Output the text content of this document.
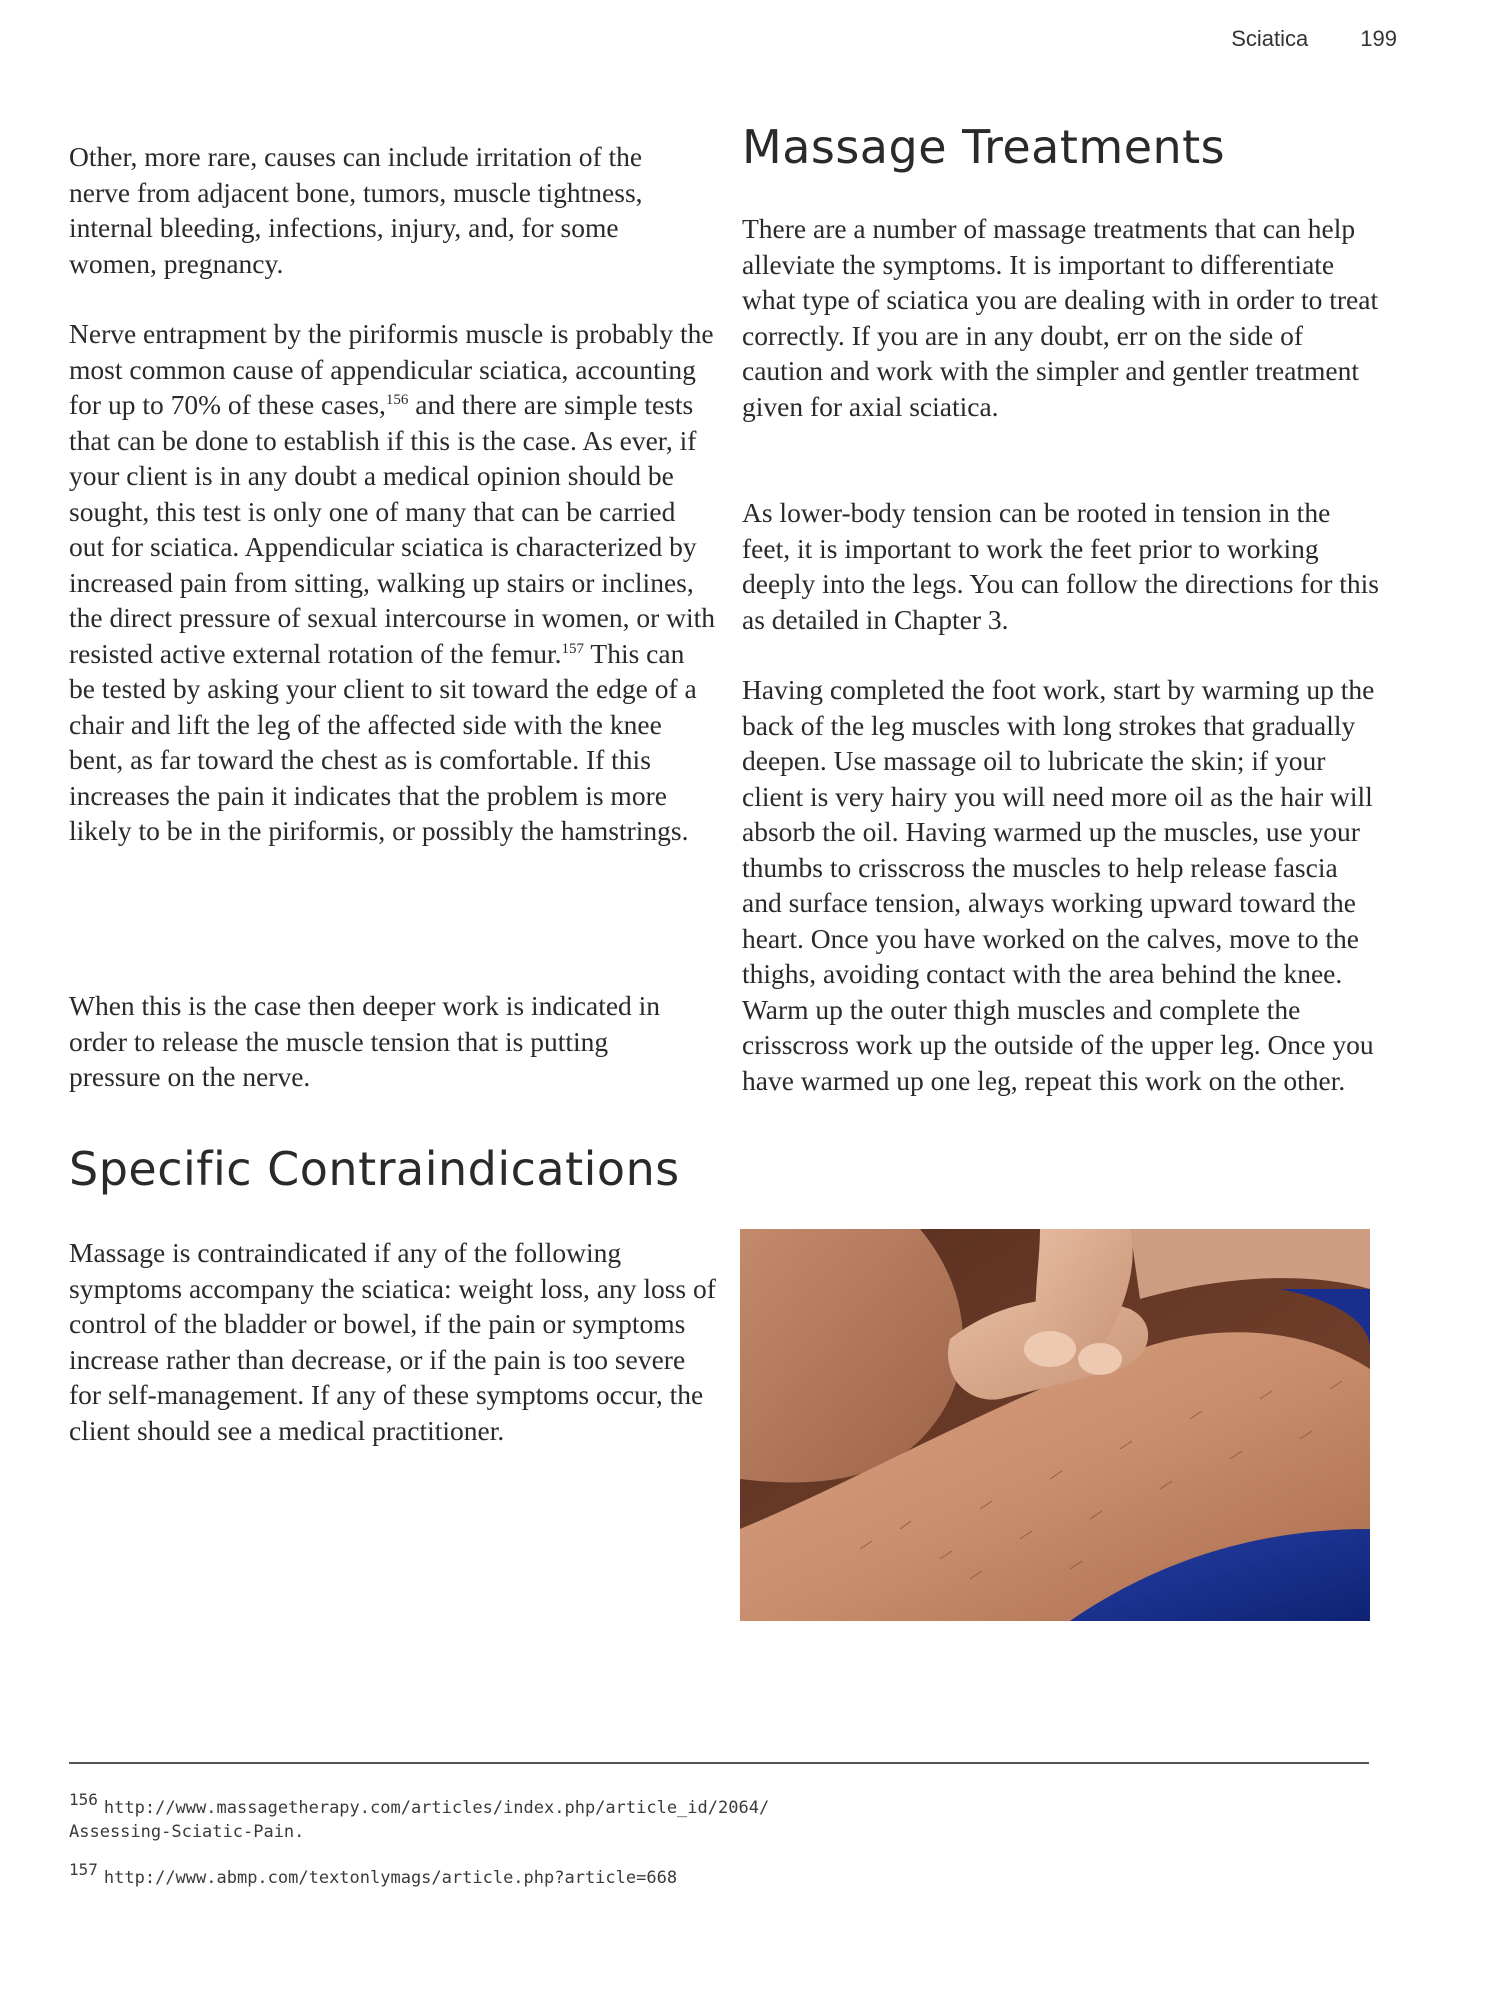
Sciatica 199

Other, more rare, causes can include irritation of the nerve from adjacent bone, tumors, muscle tightness, internal bleeding, infections, injury, and, for some women, pregnancy.

Nerve entrapment by the piriformis muscle is probably the most common cause of appendicular sciatica, accounting for up to 70% of these cases,$^{156}$ and there are simple tests that can be done to establish if this is the case. As ever, if your client is in any doubt a medical opinion should be sought, this test is only one of many that can be carried out for sciatica. Appendicular sciatica is characterized by increased pain from sitting, walking up stairs or inclines, the direct pressure of sexual intercourse in women, or with resisted active external rotation of the femur.$^{157}$ This can be tested by asking your client to sit toward the edge of a chair and lift the leg of the affected side with the knee bent, as far toward the chest as is comfortable. If this increases the pain it indicates that the problem is more likely to be in the piriformis, or possibly the hamstrings.

When this is the case then deeper work is indicated in order to release the muscle tension that is putting pressure on the nerve.

Specific Contraindications

Massage is contraindicated if any of the following symptoms accompany the sciatica: weight loss, any loss of control of the bladder or bowel, if the pain or symptoms increase rather than decrease, or if the pain is too severe for self-management. If any of these symptoms occur, the client should see a medical practitioner.

Massage Treatments

There are a number of massage treatments that can help alleviate the symptoms. It is important to differentiate what type of sciatica you are dealing with in order to treat correctly. If you are in any doubt, err on the side of caution and work with the simpler and gentler treatment given for axial sciatica.

As lower-body tension can be rooted in tension in the feet, it is important to work the feet prior to working deeply into the legs. You can follow the directions for this as detailed in Chapter 3.

Having completed the foot work, start by warming up the back of the leg muscles with long strokes that gradually deepen. Use massage oil to lubricate the skin; if your client is very hairy you will need more oil as the hair will absorb the oil. Having warmed up the muscles, use your thumbs to crisscross the muscles to help release fascia and surface tension, always working upward toward the heart. Once you have worked on the calves, move to the thighs, avoiding contact with the area behind the knee. Warm up the outer thigh muscles and complete the crisscross work up the outside of the upper leg. Once you have warmed up one leg, repeat this work on the other.

156 http://www.massagetherapy.com/articles/index.php/article_id/2064/
Assessing-Sciatic-Pain.
157 http://www.abmp.com/textonlymags/article.php?article=668
